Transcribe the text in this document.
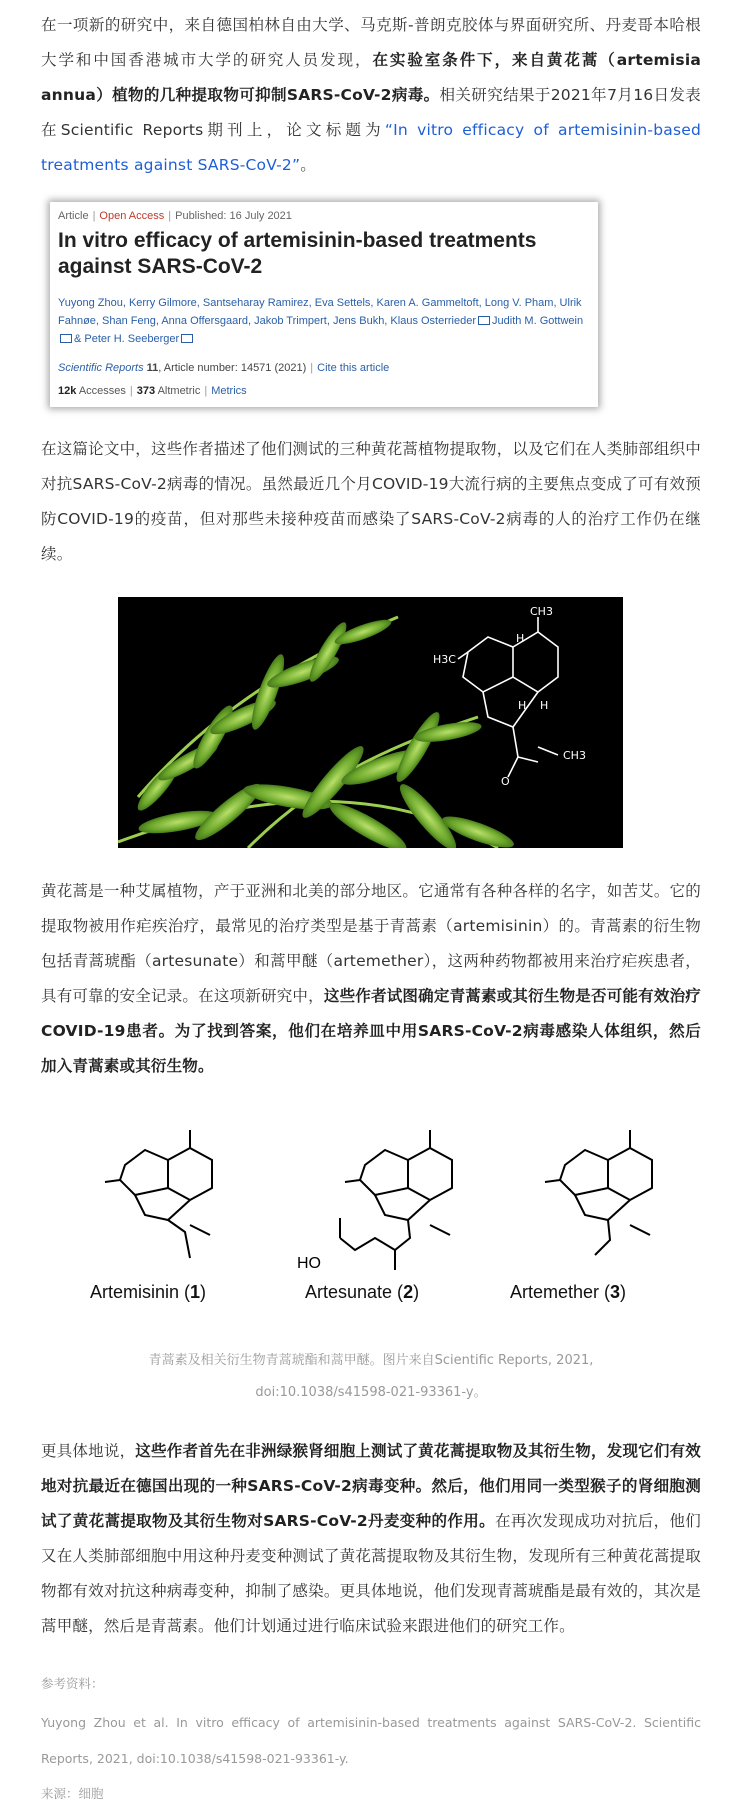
在一项新的研究中，来自德国柏林自由大学、马克斯-普朗克胶体与界面研究所、丹麦哥本哈根大学和中国香港城市大学的研究人员发现，在实验室条件下，来自黄花蒿（artemisia annua）植物的几种提取物可抑制SARS-CoV-2病毒。相关研究结果于2021年7月16日发表在Scientific Reports期刊上，论文标题为“In vitro efficacy of artemisinin-based treatments against SARS-CoV-2”。
Article | Open Access | Published: 16 July 2021
In vitro efficacy of artemisinin-based treatments against SARS-CoV-2
Yuyong Zhou, Kerry Gilmore, Santseharay Ramirez, Eva Settels, Karen A. Gammeltoft, Long V. Pham, Ulrik
Fahnøe, Shan Feng, Anna Offersgaard, Jakob Trimpert, Jens Bukh, Klaus Osterrieder Judith M. Gottwein
& Peter H. Seeberger
Scientific Reports 11, Article number: 14571 (2021) | Cite this article
12k Accesses | 373 Altmetric | Metrics
在这篇论文中，这些作者描述了他们测试的三种黄花蒿植物提取物，以及它们在人类肺部组织中对抗SARS-CoV-2病毒的情况。虽然最近几个月COVID-19大流行病的主要焦点变成了可有效预防COVID-19的疫苗，但对那些未接种疫苗而感染了SARS-CoV-2病毒的人的治疗工作仍在继续。
CH3
H3C
CH3
H
H H
O
黄花蒿是一种艾属植物，产于亚洲和北美的部分地区。它通常有各种各样的名字，如苦艾。它的提取物被用作疟疾治疗，最常见的治疗类型是基于青蒿素（artemisinin）的。青蒿素的衍生物包括青蒿琥酯（artesunate）和蒿甲醚（artemether），这两种药物都被用来治疗疟疾患者，具有可靠的安全记录。在这项新研究中，这些作者试图确定青蒿素或其衍生物是否可能有效治疗COVID-19患者。为了找到答案，他们在培养皿中用SARS-CoV-2病毒感染人体组织，然后加入青蒿素或其衍生物。
HO
Artemisinin (1)	Artesunate (2)	Artemether (3)
青蒿素及相关衍生物青蒿琥酯和蒿甲醚。图片来自Scientific Reports, 2021,
doi:10.1038/s41598-021-93361-y。
更具体地说，这些作者首先在非洲绿猴肾细胞上测试了黄花蒿提取物及其衍生物，发现它们有效地对抗最近在德国出现的一种SARS-CoV-2病毒变种。然后，他们用同一类型猴子的肾细胞测试了黄花蒿提取物及其衍生物对SARS-CoV-2丹麦变种的作用。在再次发现成功对抗后，他们又在人类肺部细胞中用这种丹麦变种测试了黄花蒿提取物及其衍生物，发现所有三种黄花蒿提取物都有效对抗这种病毒变种，抑制了感染。更具体地说，他们发现青蒿琥酯是最有效的，其次是蒿甲醚，然后是青蒿素。他们计划通过进行临床试验来跟进他们的研究工作。
参考资料：
Yuyong Zhou et al. In vitro efficacy of artemisinin-based treatments against SARS-CoV-2. Scientific Reports, 2021, doi:10.1038/s41598-021-93361-y.
来源：细胞
